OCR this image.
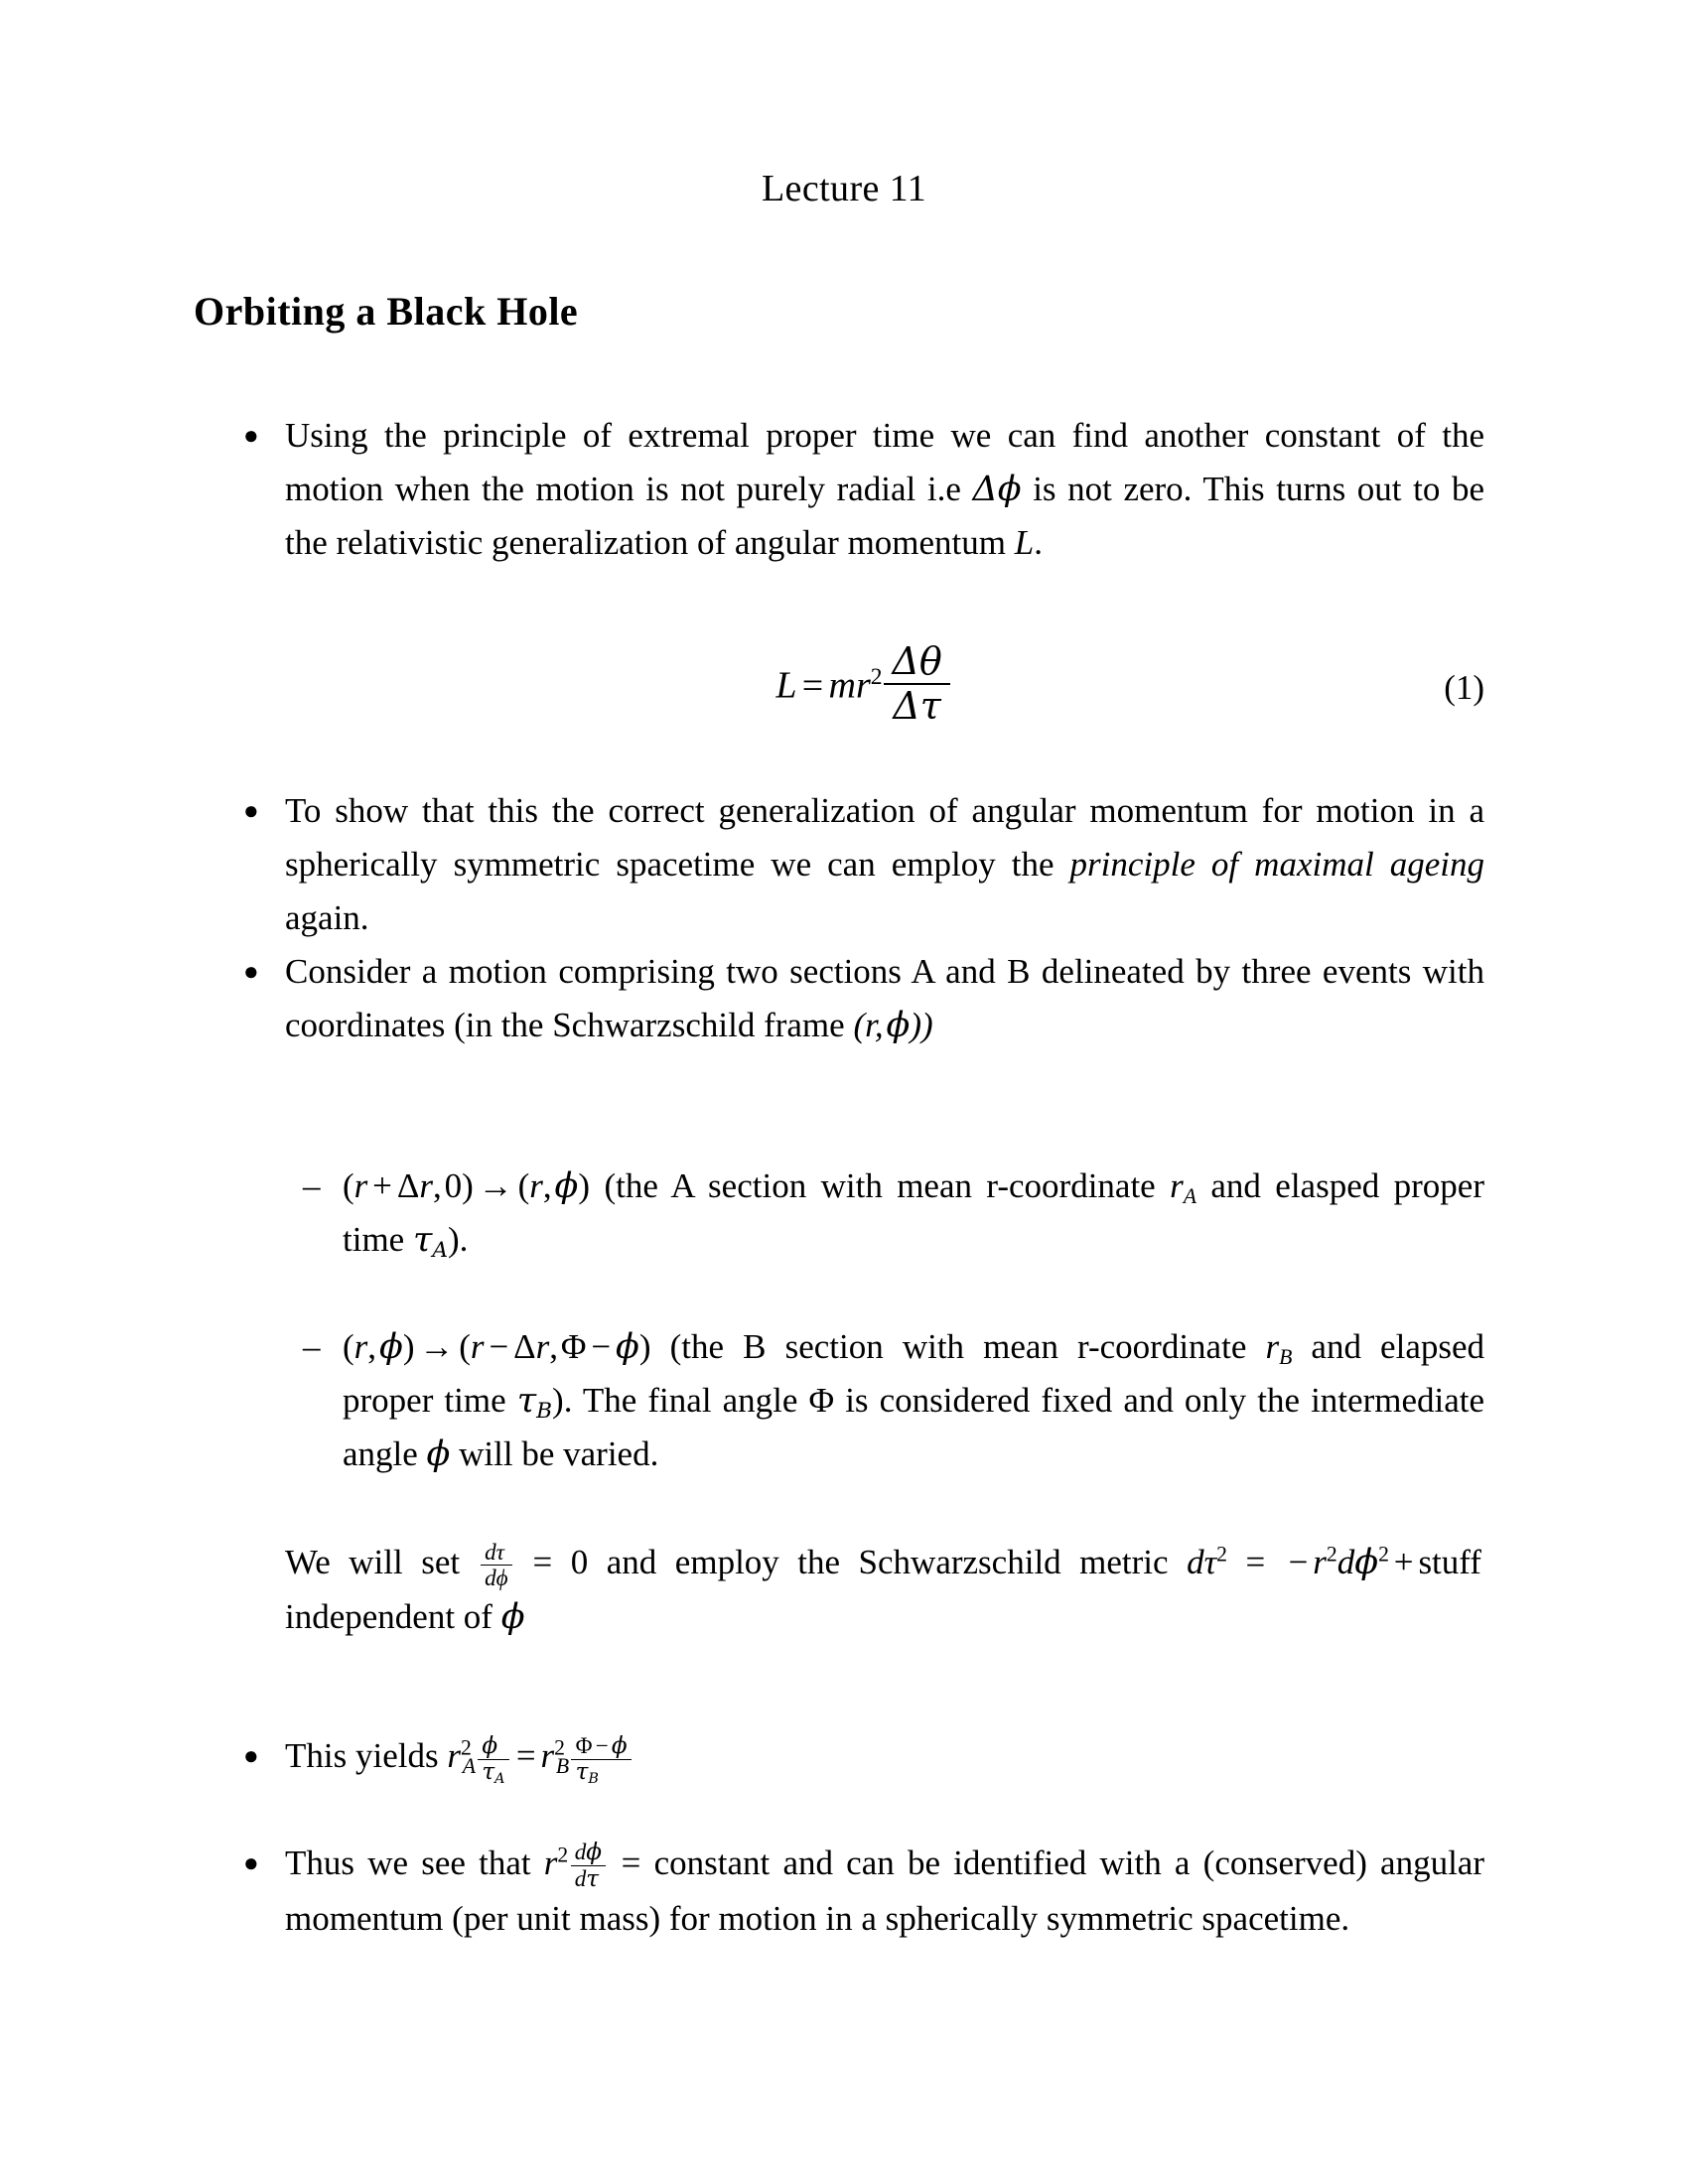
Lecture 11
Orbiting a Black Hole
● Using the principle of extremal proper time we can find another constant of the motion when the motion is not purely radial i.e Δϕ is not zero. This turns out to be the relativistic generalization of angular momentum L.
$L = mr^2 \frac{\Delta\theta}{\Delta\tau}$	(1)
● To show that this the correct generalization of angular momentum for motion in a spherically symmetric spacetime we can employ the principle of maximal ageing again.
● Consider a motion comprising two sections A and B delineated by three events with coordinates (in the Schwarzschild frame (r, ϕ))
– (r + Δr, 0) → (r, ϕ) (the A section with mean r-coordinate $r_A$ and elasped proper time $\tau_A$).
– (r, ϕ) → (r − Δr, Φ − ϕ) (the B section with mean r-coordinate $r_B$ and elapsed proper time $\tau_B$). The final angle Φ is considered fixed and only the intermediate angle ϕ will be varied.
We will set $\frac{d\tau}{d\phi} = 0$ and employ the Schwarzschild metric $d\tau^2$ = − $r^2d\phi^2$ + stuff independent of ϕ
● This yields $r^2_A \frac{\phi}{\tau_A} = r^2_B \frac{\Phi - \phi}{\tau_B}$
● Thus we see that $r^2 \frac{d\phi}{d\tau}$ = constant and can be identified with a (conserved) angular momentum (per unit mass) for motion in a spherically symmetric spacetime.
